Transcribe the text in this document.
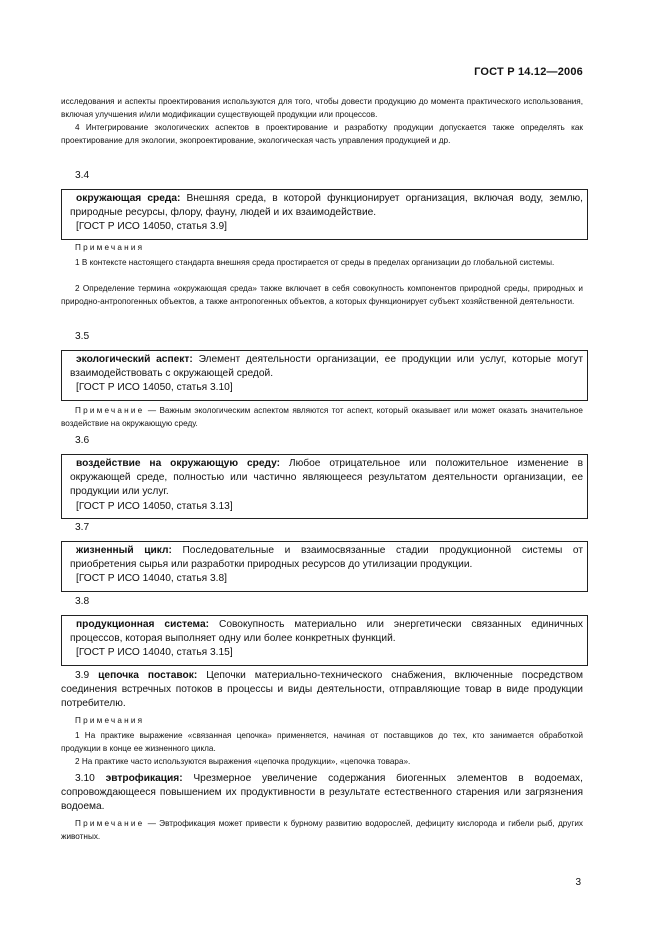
ГОСТ Р 14.12—2006
исследования и аспекты проектирования используются для того, чтобы довести продукцию до момента практического использования, включая улучшения и/или модификации существующей продукции или процессов.
4 Интегрирование экологических аспектов в проектирование и разработку продукции допускается также определять как проектирование для экологии, экопроектирование, экологическая часть управления продукцией и др.
3.4
окружающая среда: Внешняя среда, в которой функционирует организация, включая воду, землю, природные ресурсы, флору, фауну, людей и их взаимодействие.
[ГОСТ Р ИСО 14050, статья 3.9]
Примечания
1 В контексте настоящего стандарта внешняя среда простирается от среды в пределах организации до глобальной системы.
2 Определение термина «окружающая среда» также включает в себя совокупность компонентов природной среды, природных и природно-антропогенных объектов, а также антропогенных объектов, а которых функционирует субъект хозяйственной деятельности.
3.5
экологический аспект: Элемент деятельности организации, ее продукции или услуг, которые могут взаимодействовать с окружающей средой.
[ГОСТ Р ИСО 14050, статья 3.10]
Примечание — Важным экологическим аспектом являются тот аспект, который оказывает или может оказать значительное воздействие на окружающую среду.
3.6
воздействие на окружающую среду: Любое отрицательное или положительное изменение в окружающей среде, полностью или частично являющееся результатом деятельности организации, ее продукции или услуг.
[ГОСТ Р ИСО 14050, статья 3.13]
3.7
жизненный цикл: Последовательные и взаимосвязанные стадии продукционной системы от приобретения сырья или разработки природных ресурсов до утилизации продукции.
[ГОСТ Р ИСО 14040, статья 3.8]
3.8
продукционная система: Совокупность материально или энергетически связанных единичных процессов, которая выполняет одну или более конкретных функций.
[ГОСТ Р ИСО 14040, статья 3.15]
3.9 цепочка поставок: Цепочки материально-технического снабжения, включенные посредством соединения встречных потоков в процессы и виды деятельности, отправляющие товар в виде продукции потребителю.
Примечания
1 На практике выражение «связанная цепочка» применяется, начиная от поставщиков до тех, кто занимается обработкой продукции в конце ее жизненного цикла.
2 На практике часто используются выражения «цепочка продукции», «цепочка товара».
3.10 эвтрофикация: Чрезмерное увеличение содержания биогенных элементов в водоемах, сопровождающееся повышением их продуктивности в результате естественного старения или загрязнения водоема.
Примечание — Эвтрофикация может привести к бурному развитию водорослей, дефициту кислорода и гибели рыб, других животных.
3
